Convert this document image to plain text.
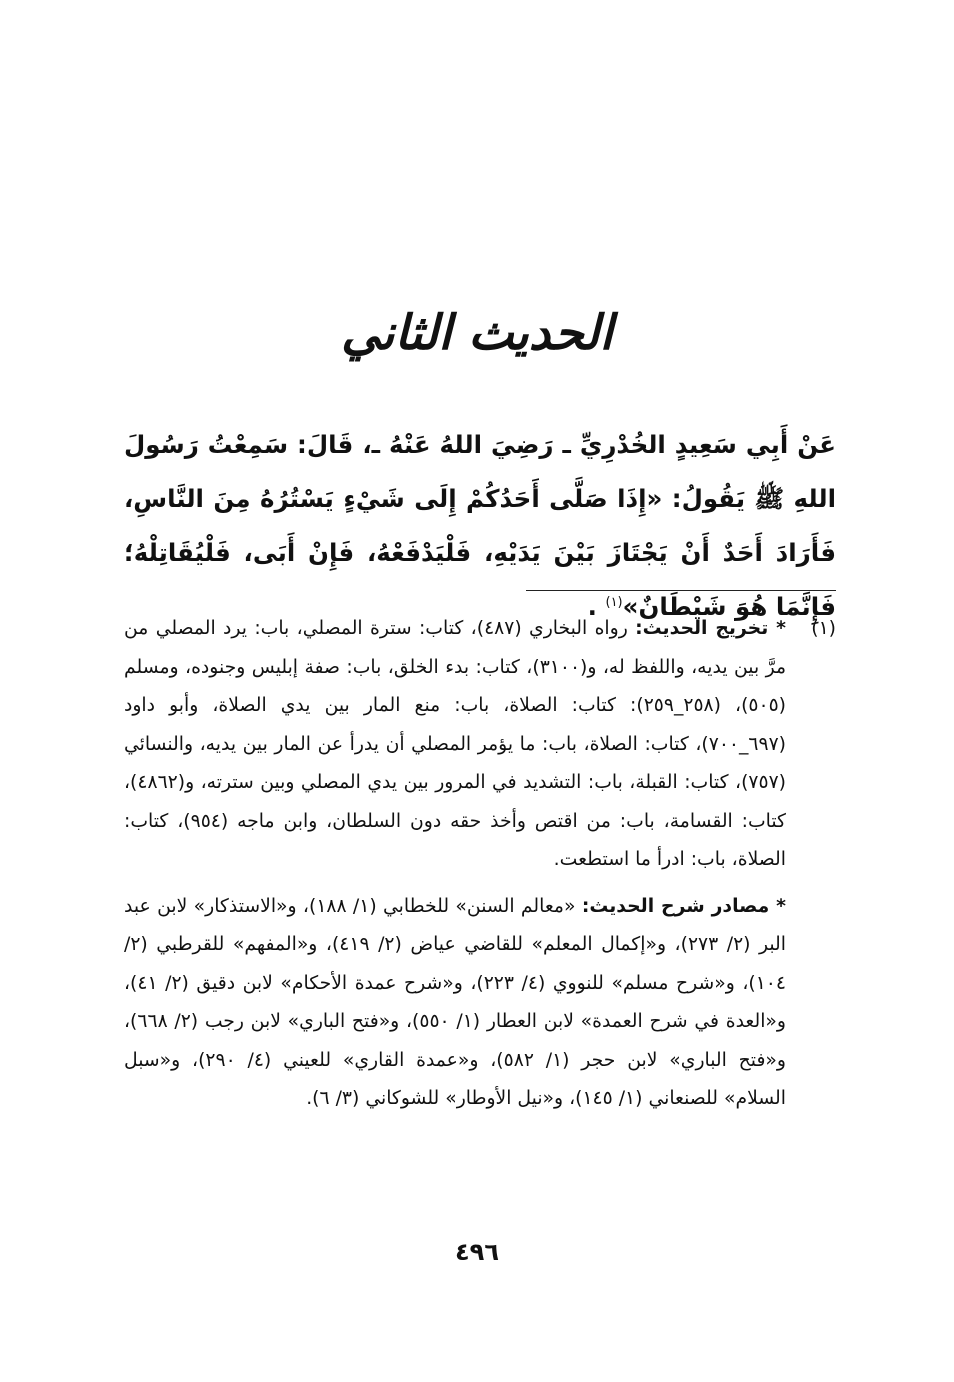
الحديث الثاني
عَنْ أَبِي سَعِيدٍ الخُدْرِيِّ ـ رَضِيَ اللهُ عَنْهُ ـ، قَالَ: سَمِعْتُ رَسُولَ اللهِ ﷺ يَقُولُ: «إِذَا صَلَّى أَحَدُكُمْ إِلَى شَيْءٍ يَسْتُرُهُ مِنَ النَّاسِ، فَأَرَادَ أَحَدٌ أَنْ يَجْتَازَ بَيْنَ يَدَيْهِ، فَلْيَدْفَعْهُ، فَإِنْ أَبَى، فَلْيُقَاتِلْهُ؛ فَإِنَّمَا هُوَ شَيْطَانٌ»$^{(١)}$ .
(١)
* تخريج الحديث: رواه البخاري (٤٨٧)، كتاب: سترة المصلي، باب: يرد المصلي من مرَّ بين يديه، واللفظ له، و(٣١٠٠)، كتاب: بدء الخلق، باب: صفة إبليس وجنوده، ومسلم (٥٠٥)، (٢٥٨_٢٥٩): كتاب: الصلاة، باب: منع المار بين يدي الصلاة، وأبو داود (٦٩٧_٧٠٠)، كتاب: الصلاة، باب: ما يؤمر المصلي أن يدرأ عن المار بين يديه، والنسائي (٧٥٧)، كتاب: القبلة، باب: التشديد في المرور بين يدي المصلي وبين سترته، و(٤٨٦٢)، كتاب: القسامة، باب: من اقتص وأخذ حقه دون السلطان، وابن ماجه (٩٥٤)، كتاب: الصلاة، باب: ادرأ ما استطعت.
* مصادر شرح الحديث: «معالم السنن» للخطابي (١/ ١٨٨)، و«الاستذكار» لابن عبد البر (٢/ ٢٧٣)، و«إكمال المعلم» للقاضي عياض (٢/ ٤١٩)، و«المفهم» للقرطبي (٢/ ١٠٤)، و«شرح مسلم» للنووي (٤/ ٢٢٣)، و«شرح عمدة الأحكام» لابن دقيق (٢/ ٤١)، و«العدة في شرح العمدة» لابن العطار (١/ ٥٥٠)، و«فتح الباري» لابن رجب (٢/ ٦٦٨)، و«فتح الباري» لابن حجر (١/ ٥٨٢)، و«عمدة القاري» للعيني (٤/ ٢٩٠)، و«سبل السلام» للصنعاني (١/ ١٤٥)، و«نيل الأوطار» للشوكاني (٣/ ٦).
٤٩٦
